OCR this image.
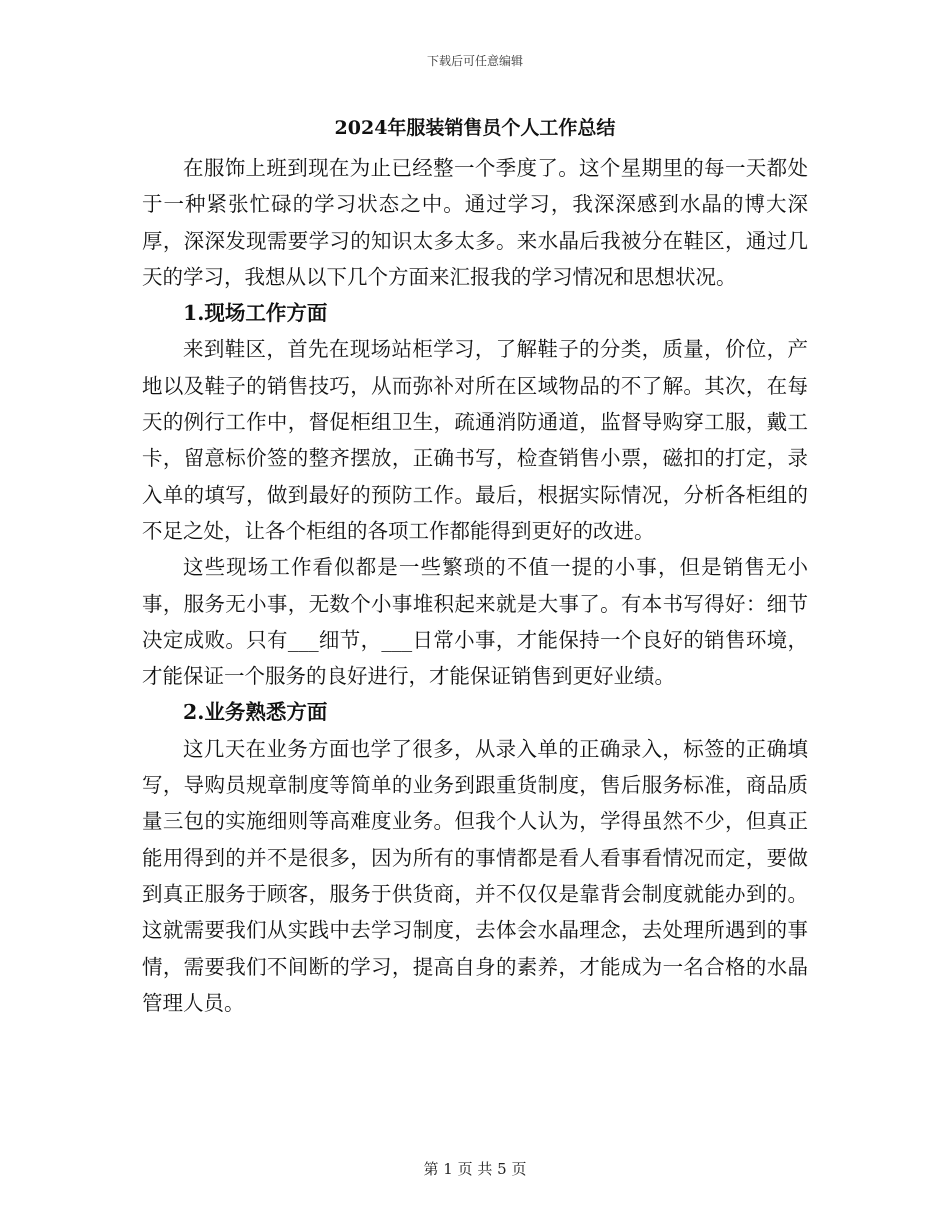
下载后可任意编辑
2024年服装销售员个人工作总结

在服饰上班到现在为止已经整一个季度了。这个星期里的每一天都处于一种紧张忙碌的学习状态之中。通过学习，我深深感到水晶的博大深厚，深深发现需要学习的知识太多太多。来水晶后我被分在鞋区，通过几天的学习，我想从以下几个方面来汇报我的学习情况和思想状况。

1.现场工作方面

来到鞋区，首先在现场站柜学习，了解鞋子的分类，质量，价位，产地以及鞋子的销售技巧，从而弥补对所在区域物品的不了解。其次，在每天的例行工作中，督促柜组卫生，疏通消防通道，监督导购穿工服，戴工卡，留意标价签的整齐摆放，正确书写，检查销售小票，磁扣的打定，录入单的填写，做到最好的预防工作。最后，根据实际情况，分析各柜组的不足之处，让各个柜组的各项工作都能得到更好的改进。

这些现场工作看似都是一些繁琐的不值一提的小事，但是销售无小事，服务无小事，无数个小事堆积起来就是大事了。有本书写得好：细节决定成败。只有___细节，___日常小事，才能保持一个良好的销售环境，才能保证一个服务的良好进行，才能保证销售到更好业绩。

2.业务熟悉方面

这几天在业务方面也学了很多，从录入单的正确录入，标签的正确填写，导购员规章制度等简单的业务到跟重货制度，售后服务标准，商品质量三包的实施细则等高难度业务。但我个人认为，学得虽然不少，但真正能用得到的并不是很多，因为所有的事情都是看人看事看情况而定，要做到真正服务于顾客，服务于供货商，并不仅仅是靠背会制度就能办到的。这就需要我们从实践中去学习制度，去体会水晶理念，去处理所遇到的事情，需要我们不间断的学习，提高自身的素养，才能成为一名合格的水晶管理人员。

第 1 页 共 5 页
